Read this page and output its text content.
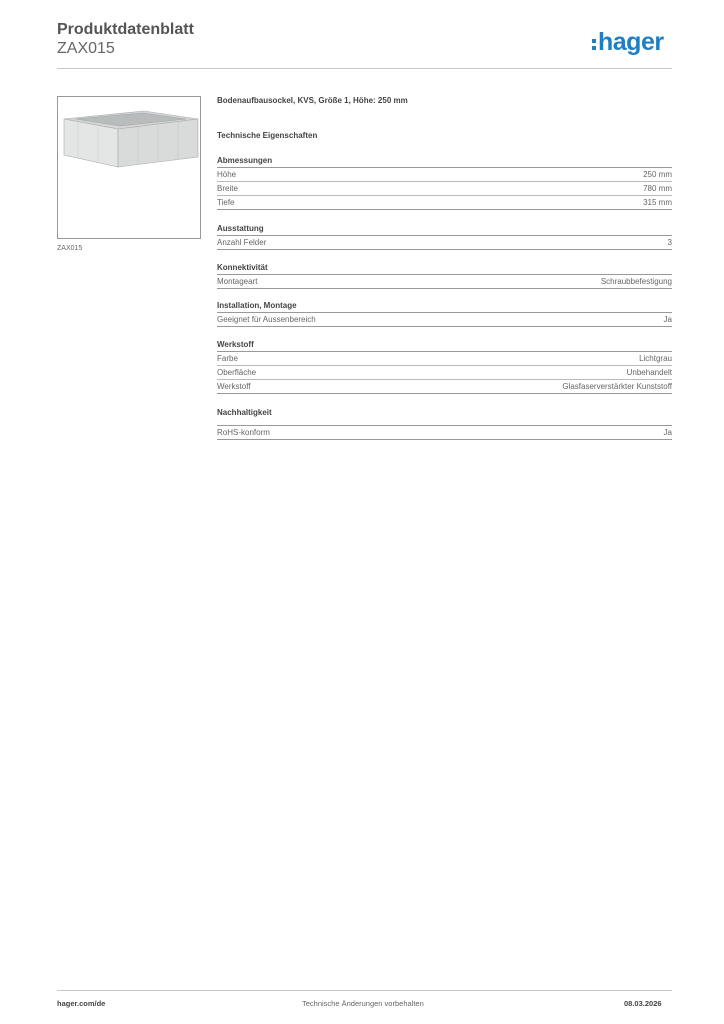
Produktdatenblatt
ZAX015	hager
ZAX015
Bodenaufbausockel, KVS, Größe 1, Höhe: 250 mm
Technische Eigenschaften
Abmessungen
Höhe	250 mm
Breite	780 mm
Tiefe	315 mm
Ausstattung
Anzahl Felder	3
Konnektivität
Montageart	Schraubbefestigung
Installation, Montage
Geeignet für Aussenbereich	Ja
Werkstoff
Farbe	Lichtgrau
Oberfläche	Unbehandelt
Werkstoff	Glasfaserverstärkter Kunststoff
Nachhaltigkeit
RoHS-konform	Ja
hager.com/de	Technische Änderungen vorbehalten	08.03.2026
